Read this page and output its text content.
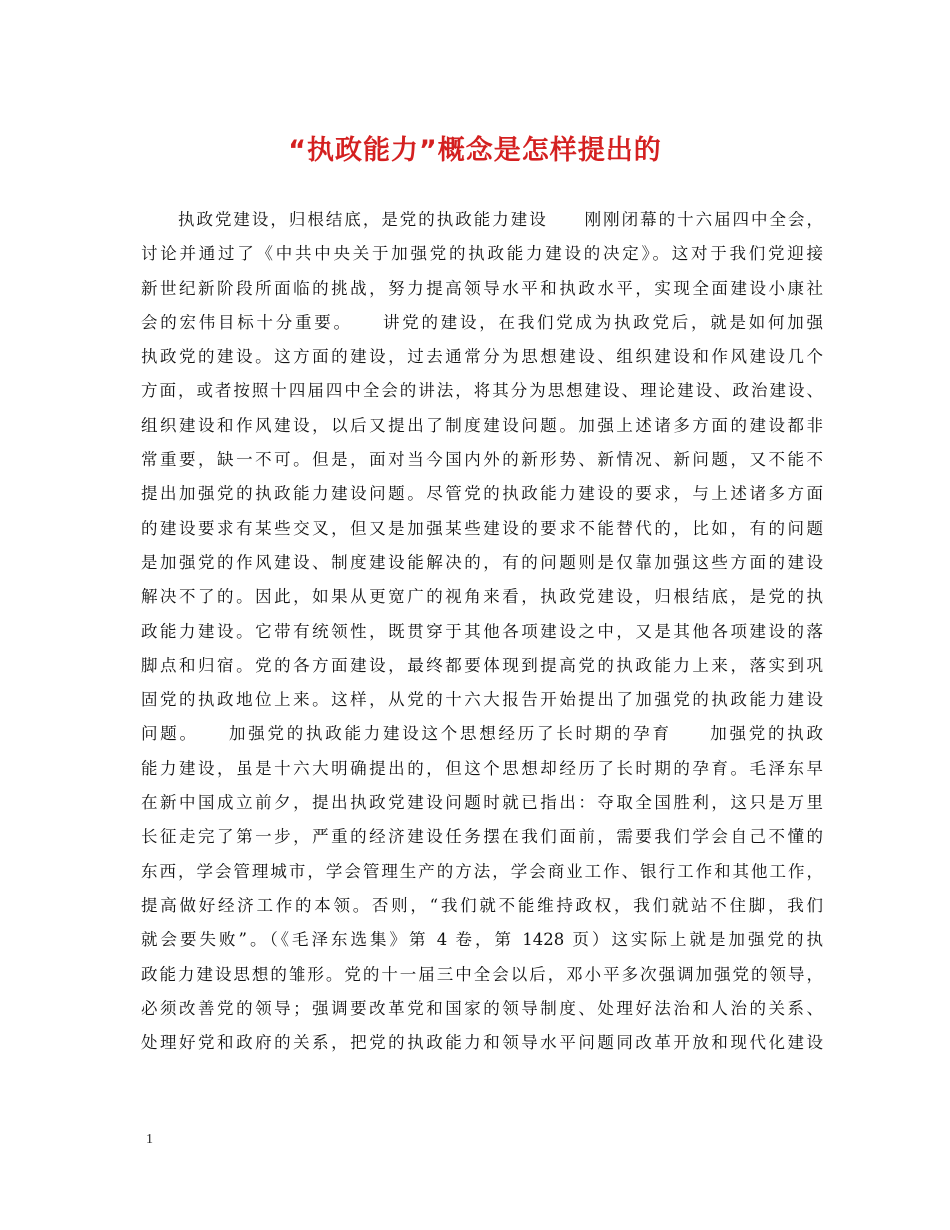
“执政能力”概念是怎样提出的
　　执政党建设，归根结底，是党的执政能力建设　　刚刚闭幕的十六届四中全会，
讨论并通过了《中共中央关于加强党的执政能力建设的决定》。这对于我们党迎接
新世纪新阶段所面临的挑战，努力提高领导水平和执政水平，实现全面建设小康社
会的宏伟目标十分重要。　　讲党的建设，在我们党成为执政党后，就是如何加强
执政党的建设。这方面的建设，过去通常分为思想建设、组织建设和作风建设几个
方面，或者按照十四届四中全会的讲法，将其分为思想建设、理论建设、政治建设、
组织建设和作风建设，以后又提出了制度建设问题。加强上述诸多方面的建设都非
常重要，缺一不可。但是，面对当今国内外的新形势、新情况、新问题，又不能不
提出加强党的执政能力建设问题。尽管党的执政能力建设的要求，与上述诸多方面
的建设要求有某些交叉，但又是加强某些建设的要求不能替代的，比如，有的问题
是加强党的作风建设、制度建设能解决的，有的问题则是仅靠加强这些方面的建设
解决不了的。因此，如果从更宽广的视角来看，执政党建设，归根结底，是党的执
政能力建设。它带有统领性，既贯穿于其他各项建设之中，又是其他各项建设的落
脚点和归宿。党的各方面建设，最终都要体现到提高党的执政能力上来，落实到巩
固党的执政地位上来。这样，从党的十六大报告开始提出了加强党的执政能力建设
问题。　　加强党的执政能力建设这个思想经历了长时期的孕育　　加强党的执政
能力建设，虽是十六大明确提出的，但这个思想却经历了长时期的孕育。毛泽东早
在新中国成立前夕，提出执政党建设问题时就已指出：夺取全国胜利，这只是万里
长征走完了第一步，严重的经济建设任务摆在我们面前，需要我们学会自己不懂的
东西，学会管理城市，学会管理生产的方法，学会商业工作、银行工作和其他工作，
提高做好经济工作的本领。否则，“我们就不能维持政权，我们就站不住脚，我们
就会要失败”。（《毛泽东选集》第 4 卷，第 1428 页）这实际上就是加强党的执
政能力建设思想的雏形。党的十一届三中全会以后，邓小平多次强调加强党的领导，
必须改善党的领导；强调要改革党和国家的领导制度、处理好法治和人治的关系、
处理好党和政府的关系，把党的执政能力和领导水平问题同改革开放和现代化建设
1
